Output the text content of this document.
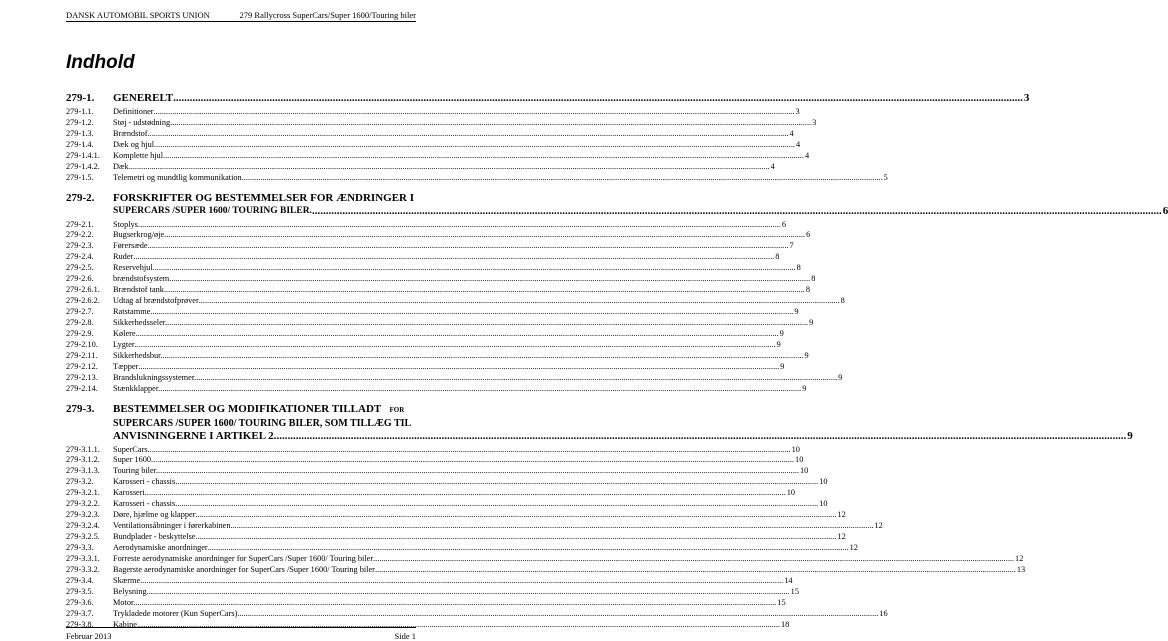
DANSK AUTOMOBIL SPORTS UNION	279 Rallycross SuperCars/Super 1600/Touring biler
Indhold
279-1.	GENERELT .....	3
279-1.1.	Definitioner .....	3
279-1.2.	Støj - udstødning .....	3
279-1.3.	Brændstof .....	4
279-1.4.	Dæk og hjul .....	4
279-1.4.1.	Komplette hjul .....	4
279-1.4.2.	Dæk .....	4
279-1.5.	Telemetri og mundtlig kommunikation .....	5
279-2.	FORSKRIFTER OG BESTEMMELSER FOR ÆNDRINGER I
SUPERCARS /SUPER 1600/ TOURING BILER. .....	6
279-2.1.	Stoplys. .....	6
279-2.2.	Bugserkrog/øje .....	6
279-2.3.	Førersæde .....	7
279-2.4.	Ruder .....	8
279-2.5.	Reservehjul. .....	8
279-2.6.	brændstofsystem .....	8
279-2.6.1.	Brændstof tank .....	8
279-2.6.2.	Udtag af brændstofprøver .....	8
279-2.7.	Ratstamme. .....	9
279-2.8.	Sikkerhedsseler. .....	9
279-2.9.	Kølere. .....	9
279-2.10.	Lygter .....	9
279-2.11.	Sikkerhedsbur. .....	9
279-2.12.	Tæpper .....	9
279-2.13.	Brandslukningssystemer. .....	9
279-2.14.	Stænkklapper. .....	9
279-3.	BESTEMMELSER OG MODIFIKATIONER TILLADT FOR
SUPERCARS /SUPER 1600/ TOURING BILER, SOM TILLÆG TIL
ANVISNINGERNE I ARTIKEL 2. .....	9
279-3.1.1.	SuperCars. .....	10
279-3.1.2.	Super 1600. .....	10
279-3.1.3.	Touring biler. .....	10
279-3.2.	Karosseri - chassis. .....	10
279-3.2.1.	Karosseri .....	10
279-3.2.2.	Karosseri - chassis. .....	10
279-3.2.3.	Døre, hjælme og klapper .....	12
279-3.2.4.	Ventilationsåbninger i førerkabinen. .....	12
279-3.2.5.	Bundplader - beskyttelse .....	12
279-3.3.	Aerodynamiske anordninger .....	12
279-3.3.1.	Forreste aerodynamiske anordninger for SuperCars /Super 1600/ Touring biler .....	12
279-3.3.2.	Bagerste aerodynamiske anordninger for SuperCars /Super 1600/ Touring biler .....	13
279-3.4.	Skærme. .....	14
279-3.5.	Belysning. .....	15
279-3.6.	Motor. .....	15
279-3.7.	Trykladede motorer (Kun SuperCars) .....	16
279-3.8.	Kabine. .....	18
Februar 2013	Side 1
